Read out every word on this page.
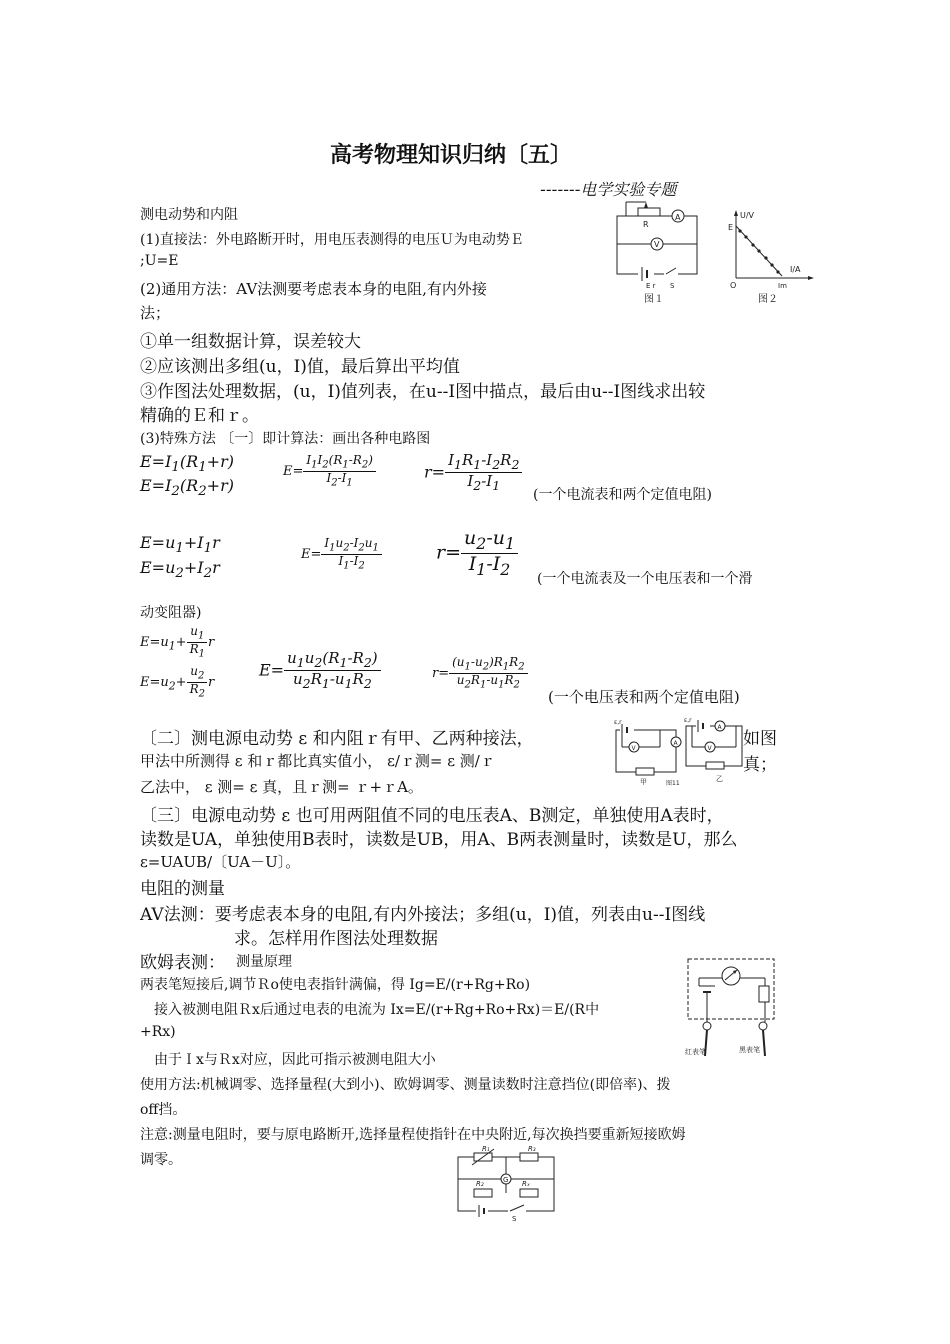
高考物理知识归纳〔五〕
-------电学实验专题
测电动势和内阻
(1)直接法：外电路断开时，用电压表测得的电压Ｕ为电动势Ｅ
;U=E
(2)通用方法：AV法测要考虑表本身的电阻,有内外接
法；
①单一组数据计算，误差较大
②应该测出多组(u，I)值，最后算出平均值
③作图法处理数据，(u，I)值列表，在u--I图中描点，最后由u--I图线求出较
精确的Ｅ和ｒ。
(3)特殊方法 〔一〕即计算法：画出各种电路图
A
R
V
E r S
图１
U/V
E
O	Im
I/A
图２
$E=I_1(R_1+r)$
$E=I_2(R_2+r)$
$E= \frac{I_1I_2(R_1-R_2)}{I_2-I_1}$	$r= \frac{I_1R_1-I_2R_2}{I_2-I_1}$
(一个电流表和两个定值电阻)
$E=u_1+I_1r$
$E=u_2+I_2r$
$E= \frac{I_1u_2-I_2u_1}{I_1-I_2}$	$r= \frac{u_2-u_1}{I_1-I_2}$
(一个电流表及一个电压表和一个滑
动变阻器)
$E=u_1+ \frac{u_1}{R_1}$ r
$E=u_2+ \frac{u_2}{R_2}$ r
$E= \frac{u_1u_2(R_1-R_2)}{u_2R_1-u_1R_2}$	$r= \frac{(u_1-u_2)R_1R_2}{u_2R_1-u_1R_2}$
(一个电压表和两个定值电阻)
〔二〕测电源电动势 ε 和内阻ｒ有甲、乙两种接法，	如图
甲法中所测得 ε 和ｒ都比真实值小， ε/ｒ测= ε 测/ｒ	真；
乙法中， ε 测= ε 真，且ｒ测= ｒ+ｒA。
ε,r
V
A
甲	图11
ε,r
A
V
乙
〔三〕电源电动势 ε 也可用两阻值不同的电压表A、B测定，单独使用A表时，
读数是UA，单独使用B表时，读数是UB，用A、B两表测量时，读数是U，那么
ε=UAUB/〔UA－U〕。
电阻的测量
AV法测：要考虑表本身的电阻,有内外接法；多组(u，I)值，列表由u--I图线
求。怎样用作图法处理数据
欧姆表测： 测量原理
两表笔短接后,调节Ｒo使电表指针满偏，得 Ig=E/(r+Rg+Ro)
接入被测电阻Ｒx后通过电表的电流为 Ix=E/(r+Rg+Ro+Rx)＝E/(R中
+Rx)
由于Ｉx与Ｒx对应，因此可指示被测电阻大小
使用方法:机械调零、选择量程(大到小)、欧姆调零、测量读数时注意挡位(即倍率)、拨
off挡。
注意:测量电阻时，要与原电路断开,选择量程使指针在中央附近,每次换挡要重新短接欧姆
调零。
红表笔	黑表笔
G
R₁	R₃
R₂	Rₓ
S
